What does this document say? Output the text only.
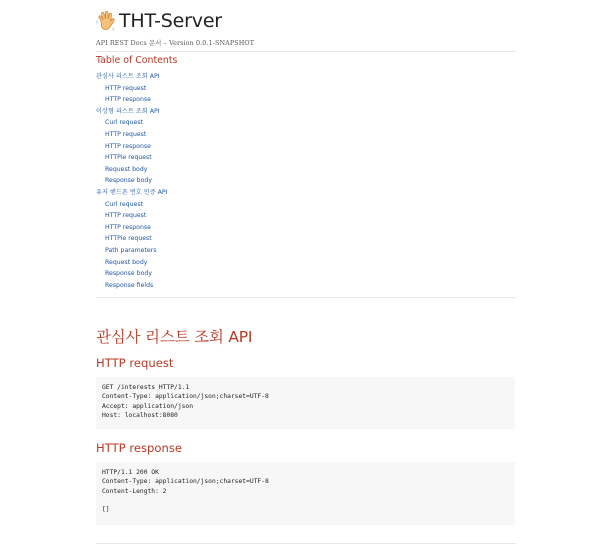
THT-Server
API REST Docs 문서 – Version 0.0.1-SNAPSHOT
Table of Contents
관심사 리스트 조회 API
HTTP request
HTTP response
이상형 리스트 조회 API
Curl request
HTTP request
HTTP response
HTTPie request
Request body
Response body
유저 핸드폰 번호 인증 API
Curl request
HTTP request
HTTP response
HTTPie request
Path parameters
Request body
Response body
Response fields
관심사 리스트 조회 API
HTTP request
GET /interests HTTP/1.1
Content-Type: application/json;charset=UTF-8
Accept: application/json
Host: localhost:8080
HTTP response
HTTP/1.1 200 OK
Content-Type: application/json;charset=UTF-8
Content-Length: 2

[]
